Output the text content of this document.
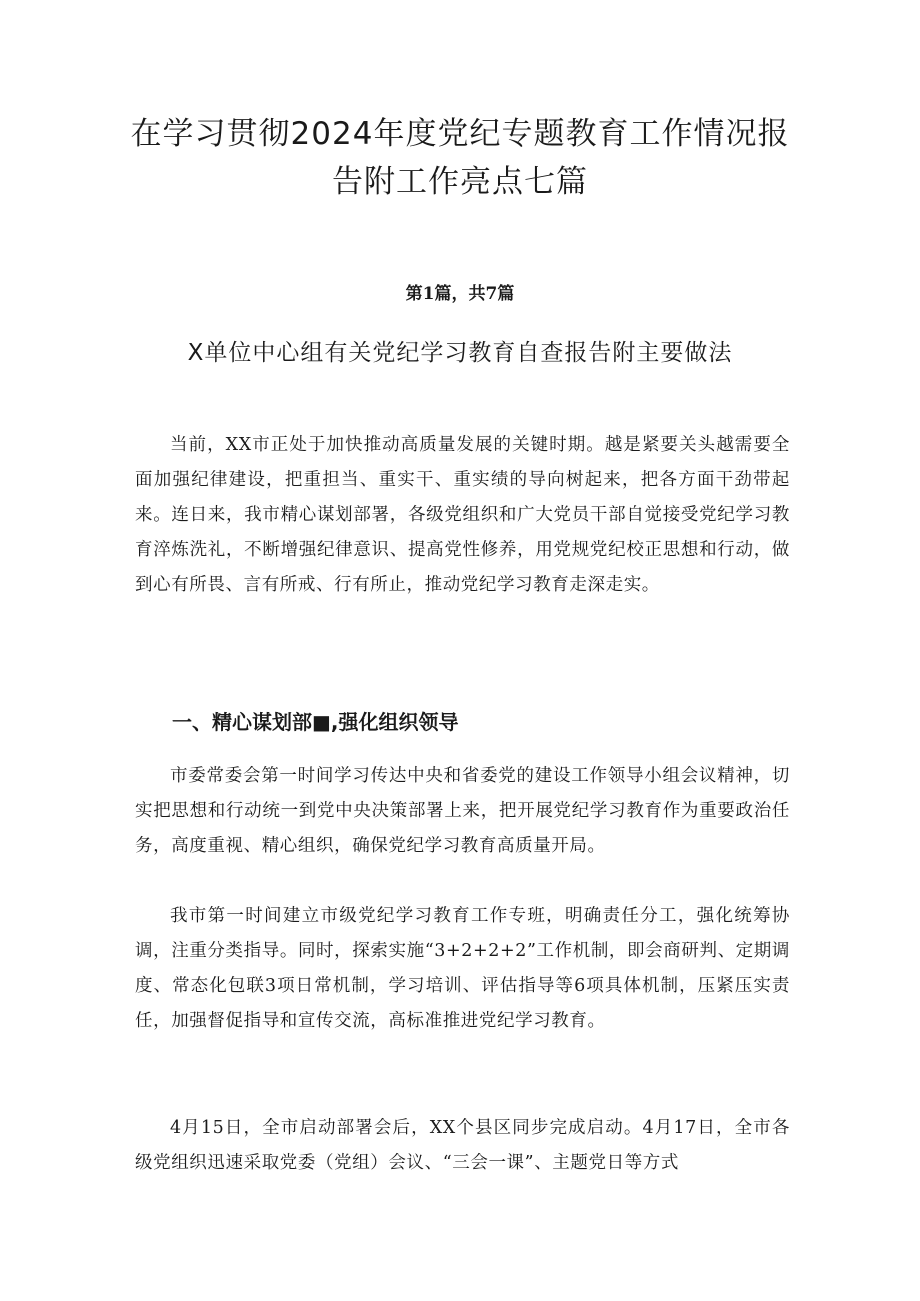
在学习贯彻2024年度党纪专题教育工作情况报告附工作亮点七篇

第1篇，共7篇

X单位中心组有关党纪学习教育自查报告附主要做法

当前，XX市正处于加快推动高质量发展的关键时期。越是紧要关头越需要全面加强纪律建设，把重担当、重实干、重实绩的导向树起来，把各方面干劲带起来。连日来，我市精心谋划部署，各级党组织和广大党员干部自觉接受党纪学习教育淬炼洗礼，不断增强纪律意识、提高党性修养，用党规党纪校正思想和行动，做到心有所畏、言有所戒、行有所止，推动党纪学习教育走深走实。

一、精心谋划部■,强化组织领导

市委常委会第一时间学习传达中央和省委党的建设工作领导小组会议精神，切实把思想和行动统一到党中央决策部署上来，把开展党纪学习教育作为重要政治任务，高度重视、精心组织，确保党纪学习教育高质量开局。

我市第一时间建立市级党纪学习教育工作专班，明确责任分工，强化统筹协调，注重分类指导。同时，探索实施“3+2+2+2”工作机制，即会商研判、定期调度、常态化包联3项日常机制，学习培训、评估指导等6项具体机制，压紧压实责任，加强督促指导和宣传交流，高标准推进党纪学习教育。

4月15日，全市启动部署会后，XX个县区同步完成启动。4月17日，全市各级党组织迅速采取党委（党组）会议、“三会一课”、主题党日等方式
